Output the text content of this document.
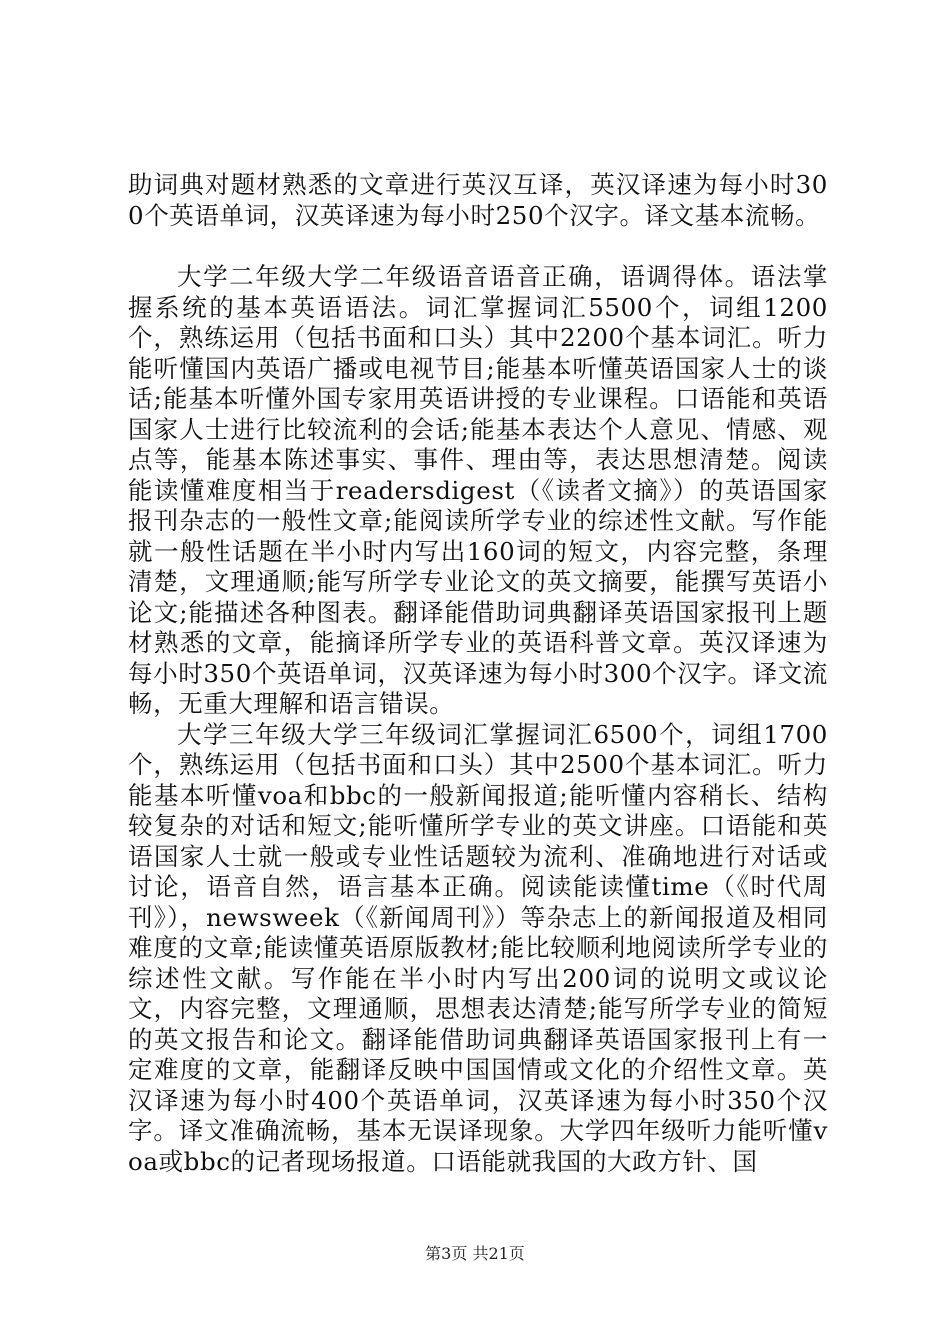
助词典对题材熟悉的文章进行英汉互译，英汉译速为每小时300个英语单词，汉英译速为每小时250个汉字。译文基本流畅。

大学二年级大学二年级语音语音正确，语调得体。语法掌握系统的基本英语语法。词汇掌握词汇5500个，词组1200个，熟练运用（包括书面和口头）其中2200个基本词汇。听力能听懂国内英语广播或电视节目;能基本听懂英语国家人士的谈话;能基本听懂外国专家用英语讲授的专业课程。口语能和英语国家人士进行比较流利的会话;能基本表达个人意见、情感、观点等，能基本陈述事实、事件、理由等，表达思想清楚。阅读能读懂难度相当于readersdigest（《读者文摘》）的英语国家报刊杂志的一般性文章;能阅读所学专业的综述性文献。写作能就一般性话题在半小时内写出160词的短文，内容完整，条理清楚，文理通顺;能写所学专业论文的英文摘要，能撰写英语小论文;能描述各种图表。翻译能借助词典翻译英语国家报刊上题材熟悉的文章，能摘译所学专业的英语科普文章。英汉译速为每小时350个英语单词，汉英译速为每小时300个汉字。译文流畅，无重大理解和语言错误。

大学三年级大学三年级词汇掌握词汇6500个，词组1700个，熟练运用（包括书面和口头）其中2500个基本词汇。听力能基本听懂voa和bbc的一般新闻报道;能听懂内容稍长、结构较复杂的对话和短文;能听懂所学专业的英文讲座。口语能和英语国家人士就一般或专业性话题较为流利、准确地进行对话或讨论，语音自然，语言基本正确。阅读能读懂time（《时代周刊》），newsweek（《新闻周刊》）等杂志上的新闻报道及相同难度的文章;能读懂英语原版教材;能比较顺利地阅读所学专业的综述性文献。写作能在半小时内写出200词的说明文或议论文，内容完整，文理通顺，思想表达清楚;能写所学专业的简短的英文报告和论文。翻译能借助词典翻译英语国家报刊上有一定难度的文章，能翻译反映中国国情或文化的介绍性文章。英汉译速为每小时400个英语单词，汉英译速为每小时350个汉字。译文准确流畅，基本无误译现象。大学四年级听力能听懂voa或bbc的记者现场报道。口语能就我国的大政方针、国

第3页 共21页
